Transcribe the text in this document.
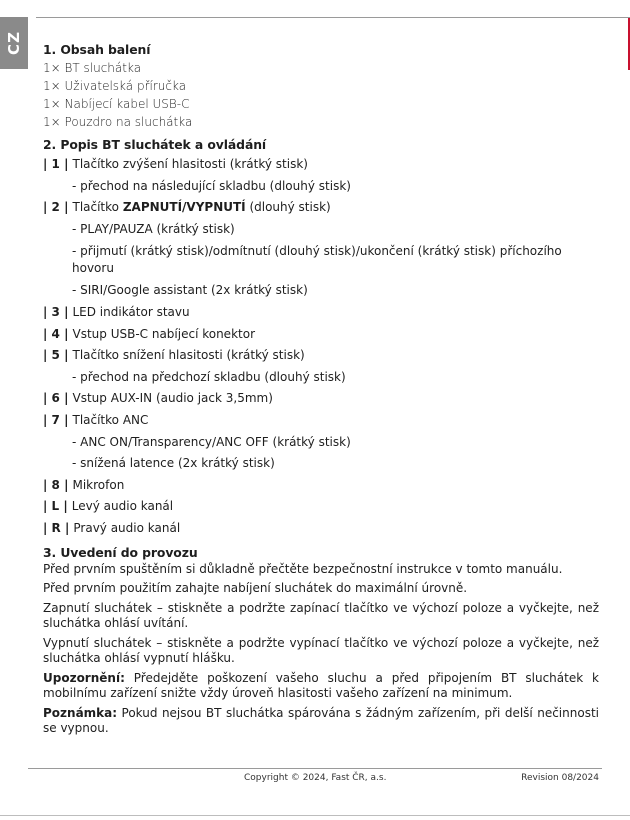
CZ 1. Obsah balení
1× BT sluchátka
1× Uživatelská příručka
1× Nabíjecí kabel USB-C
1× Pouzdro na sluchátka
2. Popis BT sluchátek a ovládání
| 1 | Tlačítko zvýšení hlasitosti (krátký stisk)
- přechod na následující skladbu (dlouhý stisk)
| 2 | Tlačítko ZAPNUTÍ/VYPNUTÍ (dlouhý stisk)
- PLAY/PAUZA (krátký stisk)
- přijmutí (krátký stisk)/odmítnutí (dlouhý stisk)/ukončení (krátký stisk) příchozího hovoru
- SIRI/Google assistant (2x krátký stisk)
| 3 | LED indikátor stavu
| 4 | Vstup USB-C nabíjecí konektor
| 5 | Tlačítko snížení hlasitosti (krátký stisk)
- přechod na předchozí skladbu (dlouhý stisk)
| 6 | Vstup AUX-IN (audio jack 3,5mm)
| 7 | Tlačítko ANC
- ANC ON/Transparency/ANC OFF (krátký stisk)
- snížená latence (2x krátký stisk)
| 8 | Mikrofon
| L | Levý audio kanál
| R | Pravý audio kanál
3. Uvedení do provozu

Před prvním spuštěním si důkladně přečtěte bezpečnostní instrukce v tomto manuálu.

Před prvním použitím zahajte nabíjení sluchátek do maximální úrovně.

Zapnutí sluchátek – stiskněte a podržte zapínací tlačítko ve výchozí poloze a vyčkejte, než sluchátka ohlásí uvítání.

Vypnutí sluchátek – stiskněte a podržte vypínací tlačítko ve výchozí poloze a vyčkejte, než sluchátka ohlásí vypnutí hlášku.

Upozornění: Předejděte poškození vašeho sluchu a před připojením BT sluchátek k mobilnímu zařízení snižte vždy úroveň hlasitosti vašeho zařízení na minimum.

Poznámka: Pokud nejsou BT sluchátka spárována s žádným zařízením, při delší nečinnosti se vypnou.

Copyright © 2024, Fast ČR, a.s.	Revision 08/2024
